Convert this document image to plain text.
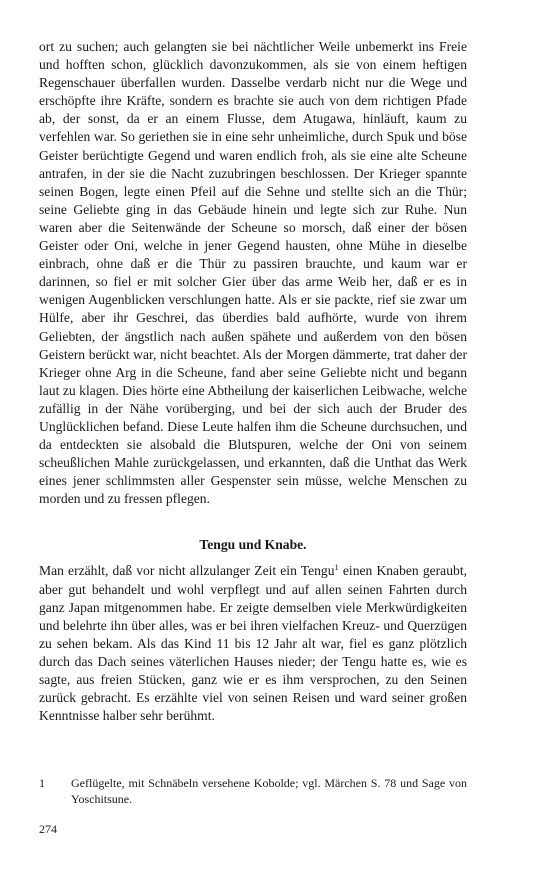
ort zu suchen; auch gelangten sie bei nächtlicher Weile unbemerkt ins Freie und hofften schon, glücklich davonzukommen, als sie von einem heftigen Regenschauer überfallen wurden. Dasselbe verdarb nicht nur die Wege und erschöpfte ihre Kräfte, sondern es brachte sie auch von dem richtigen Pfade ab, der sonst, da er an einem Flusse, dem Atugawa, hinläuft, kaum zu verfehlen war. So geriethen sie in eine sehr unheimliche, durch Spuk und böse Geister berüchtigte Gegend und waren endlich froh, als sie eine alte Scheune antrafen, in der sie die Nacht zuzubringen beschlossen. Der Krieger spannte seinen Bogen, legte einen Pfeil auf die Sehne und stellte sich an die Thür; seine Geliebte ging in das Gebäude hinein und legte sich zur Ruhe. Nun waren aber die Seitenwände der Scheune so morsch, daß einer der bösen Geister oder Oni, welche in jener Gegend hausten, ohne Mühe in dieselbe einbrach, ohne daß er die Thür zu passiren brauchte, und kaum war er darinnen, so fiel er mit solcher Gier über das arme Weib her, daß er es in wenigen Augenblicken verschlungen hatte. Als er sie packte, rief sie zwar um Hülfe, aber ihr Geschrei, das überdies bald aufhörte, wurde von ihrem Geliebten, der ängstlich nach außen spähete und außerdem von den bösen Geistern berückt war, nicht beachtet. Als der Morgen dämmerte, trat daher der Krieger ohne Arg in die Scheune, fand aber seine Geliebte nicht und begann laut zu klagen. Dies hörte eine Abtheilung der kaiserlichen Leibwache, welche zufällig in der Nähe vorüberging, und bei der sich auch der Bruder des Unglücklichen befand. Diese Leute halfen ihm die Scheune durchsuchen, und da entdeckten sie alsobald die Blutspuren, welche der Oni von seinem scheußlichen Mahle zurückgelassen, und erkannten, daß die Unthat das Werk eines jener schlimmsten aller Gespenster sein müsse, welche Menschen zu morden und zu fressen pflegen.

Tengu und Knabe.

Man erzählt, daß vor nicht allzulanger Zeit ein Tengu$^1$ einen Knaben geraubt, aber gut behandelt und wohl verpflegt und auf allen seinen Fahrten durch ganz Japan mitgenommen habe. Er zeigte demselben viele Merkwürdigkeiten und belehrte ihn über alles, was er bei ihren vielfachen Kreuz- und Querzügen zu sehen bekam. Als das Kind 11 bis 12 Jahr alt war, fiel es ganz plötzlich durch das Dach seines väterlichen Hauses nieder; der Tengu hatte es, wie es sagte, aus freien Stücken, ganz wie er es ihm versprochen, zu den Seinen zurück gebracht. Es erzählte viel von seinen Reisen und ward seiner großen Kenntnisse halber sehr berühmt.

1	Geflügelte, mit Schnäbeln versehene Kobolde; vgl. Märchen S. 78 und Sage von Yoschitsune.
274
